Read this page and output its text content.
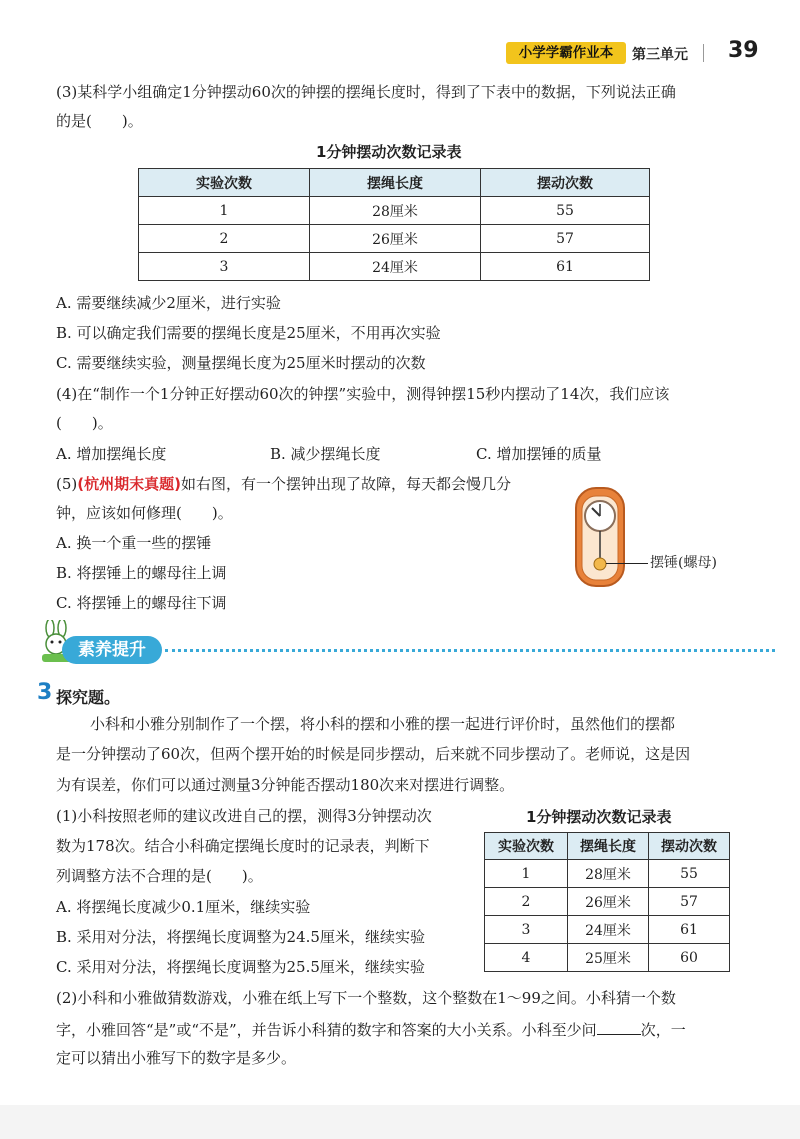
小学学霸作业本	第三单元 39
(3)某科学小组确定1分钟摆动60次的钟摆的摆绳长度时，得到了下表中的数据，下列说法正确
的是(　　)。
1分钟摆动次数记录表
实验次数	摆绳长度	摆动次数
1	28厘米	55
2	26厘米	57
3	24厘米	61
A. 需要继续减少2厘米，进行实验
B. 可以确定我们需要的摆绳长度是25厘米，不用再次实验
C. 需要继续实验，测量摆绳长度为25厘米时摆动的次数
(4)在“制作一个1分钟正好摆动60次的钟摆”实验中，测得钟摆15秒内摆动了14次，我们应该
(　　)。
A. 增加摆绳长度	B. 减少摆绳长度	C. 增加摆锤的质量
(5)(杭州期末真题)如右图，有一个摆钟出现了故障，每天都会慢几分
钟，应该如何修理(　　)。
A. 换一个重一些的摆锤
B. 将摆锤上的螺母往上调
C. 将摆锤上的螺母往下调
摆锤(螺母)
素养提升
3 探究题。
小科和小雅分别制作了一个摆，将小科的摆和小雅的摆一起进行评价时，虽然他们的摆都
是一分钟摆动了60次，但两个摆开始的时候是同步摆动，后来就不同步摆动了。老师说，这是因
为有误差，你们可以通过测量3分钟能否摆动180次来对摆进行调整。
(1)小科按照老师的建议改进自己的摆，测得3分钟摆动次
数为178次。结合小科确定摆绳长度时的记录表，判断下
列调整方法不合理的是(　　)。
A. 将摆绳长度减少0.1厘米，继续实验
B. 采用对分法，将摆绳长度调整为24.5厘米，继续实验
C. 采用对分法，将摆绳长度调整为25.5厘米，继续实验
1分钟摆动次数记录表
实验次数	摆绳长度	摆动次数
1	28厘米	55
2	26厘米	57
3	24厘米	61
4	25厘米	60
(2)小科和小雅做猜数游戏，小雅在纸上写下一个整数，这个整数在1～99之间。小科猜一个数
字，小雅回答“是”或“不是”，并告诉小科猜的数字和答案的大小关系。小科至少问	次，一
定可以猜出小雅写下的数字是多少。
